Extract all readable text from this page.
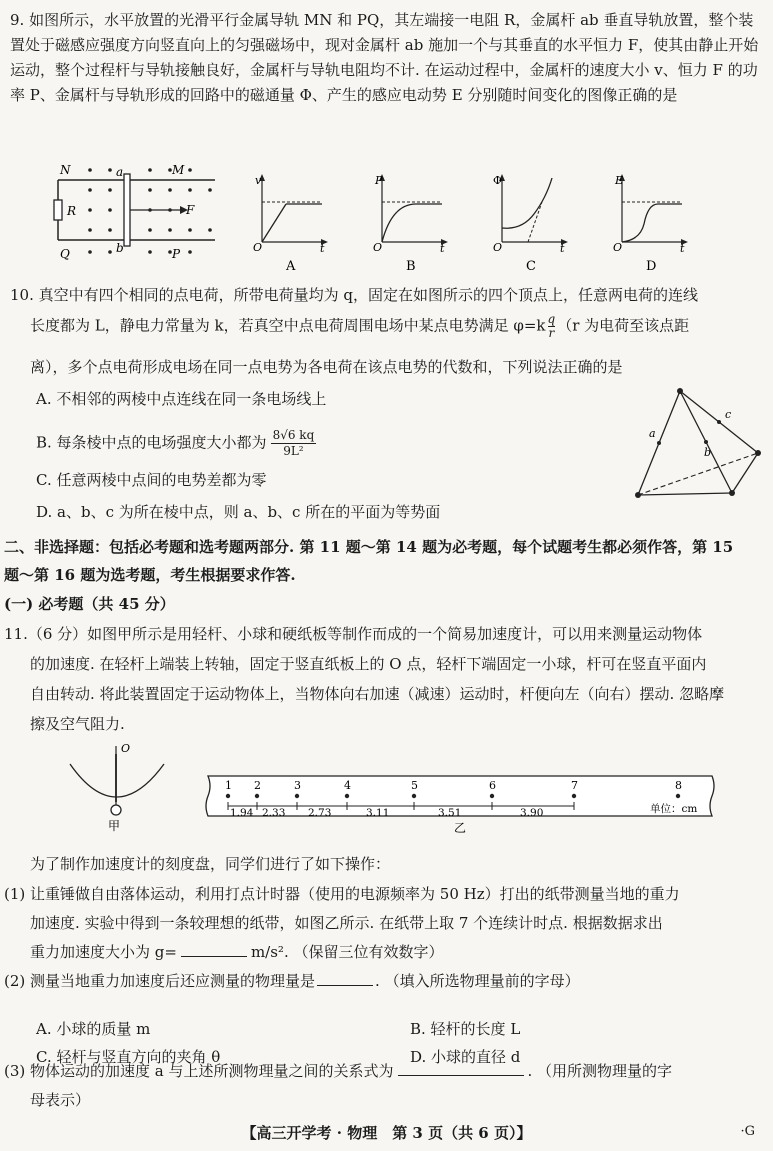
9. 如图所示，水平放置的光滑平行金属导轨 MN 和 PQ，其左端接一电阻 R，金属杆 ab 垂直导轨放置，整个装置处于磁感应强度方向竖直向上的匀强磁场中，现对金属杆 ab 施加一个与其垂直的水平恒力 F，使其由静止开始运动，整个过程杆与导轨接触良好，金属杆与导轨电阻均不计. 在运动过程中，金属杆的速度大小 v、恒力 F 的功率 P、金属杆与导轨形成的回路中的磁通量 Φ、产生的感应电动势 E 分别随时间变化的图像正确的是

N	M
Q	P
R
a
b
F
v
O	t
A
P
O	t
B
Φ
O	t
C
E
O	t
D

10. 真空中有四个相同的点电荷，所带电荷量均为 q，固定在如图所示的四个顶点上，任意两电荷的连线

长度都为 L，静电力常量为 k，若真空中点电荷周围电场中某点电势满足 $\varphi=k \frac{q}{r} (r$ 为电荷至该点距

离），多个点电荷形成电场在同一点电势为各电荷在该点电势的代数和，下列说法正确的是

A. 不相邻的两棱中点连线在同一条电场线上

B. 每条棱中点的电场强度大小都为 $\frac{8√6 kq}{\text{9L²}}$

C. 任意两棱中点间的电势差都为零

D. a、b、c 为所在棱中点，则 a、b、c 所在的平面为等势面

a
b
c

二、非选择题：包括必考题和选考题两部分. 第 11 题～第 14 题为必考题，每个试题考生都必须作答，第 15

题～第 16 题为选考题，考生根据要求作答.

(一) 必考题（共 45 分）

11.（6 分）如图甲所示是用轻杆、小球和硬纸板等制作而成的一个简易加速度计，可以用来测量运动物体

的加速度. 在轻杆上端装上转轴，固定于竖直纸板上的 O 点，轻杆下端固定一小球，杆可在竖直平面内

自由转动. 将此装置固定于运动物体上，当物体向右加速（减速）运动时，杆便向左（向右）摆动. 忽略摩

擦及空气阻力.

O
甲
1 2	3	4	5	6	7	8
1.94 2.33 2.73	3.11	3.51	3.90	单位：cm
乙

为了制作加速度计的刻度盘，同学们进行了如下操作：

(1) 让重锤做自由落体运动，利用打点计时器（使用的电源频率为 50 Hz）打出的纸带测量当地的重力

加速度. 实验中得到一条较理想的纸带，如图乙所示. 在纸带上取 7 个连续计时点. 根据数据求出

重力加速度大小为 g=	m/s². （保留三位有效数字）

(2) 测量当地重力加速度后还应测量的物理量是	. （填入所选物理量前的字母）

A. 小球的质量 m	B. 轻杆的长度 L

C. 轻杆与竖直方向的夹角 θ	D. 小球的直径 d

(3) 物体运动的加速度 a 与上述所测物理量之间的关系式为	. （用所测物理量的字

母表示）

【高三开学考 · 物理　第 3 页（共 6 页）】	·G
